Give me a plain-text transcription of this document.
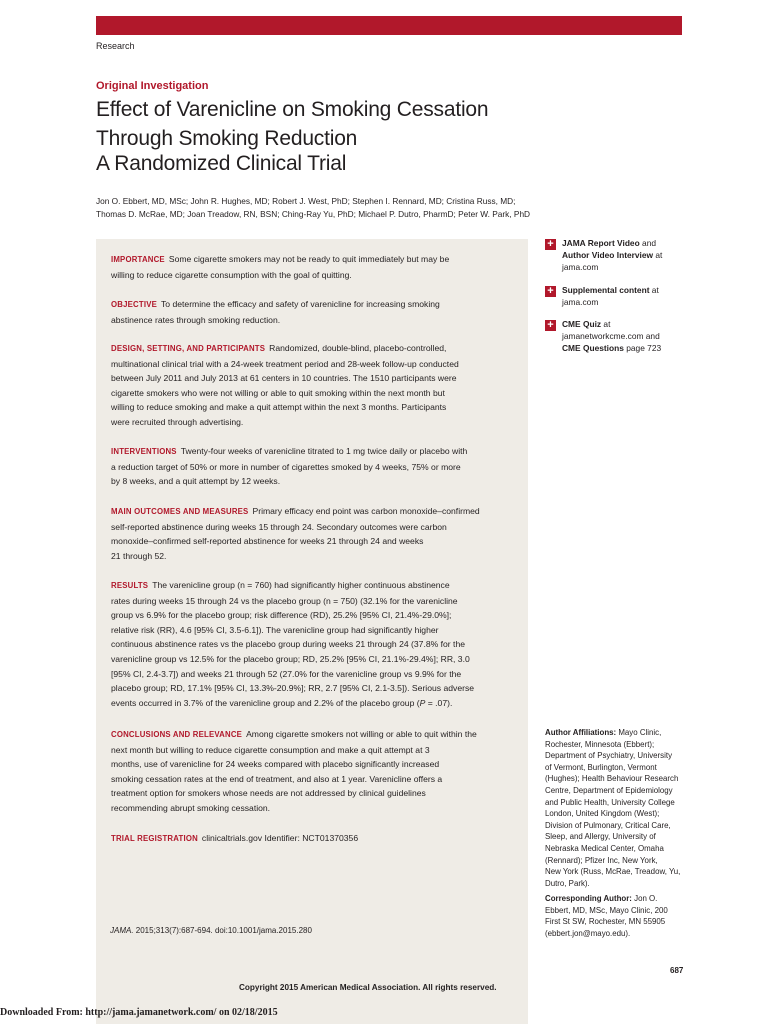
Research
Original Investigation
Effect of Varenicline on Smoking Cessation
Through Smoking Reduction
A Randomized Clinical Trial
Jon O. Ebbert, MD, MSc; John R. Hughes, MD; Robert J. West, PhD; Stephen I. Rennard, MD; Cristina Russ, MD;
Thomas D. McRae, MD; Joan Treadow, RN, BSN; Ching-Ray Yu, PhD; Michael P. Dutro, PharmD; Peter W. Park, PhD
IMPORTANCE Some cigarette smokers may not be ready to quit immediately but may be
willing to reduce cigarette consumption with the goal of quitting.
OBJECTIVE To determine the efficacy and safety of varenicline for increasing smoking
abstinence rates through smoking reduction.
DESIGN, SETTING, AND PARTICIPANTS Randomized, double-blind, placebo-controlled,
multinational clinical trial with a 24-week treatment period and 28-week follow-up conducted
between July 2011 and July 2013 at 61 centers in 10 countries. The 1510 participants were
cigarette smokers who were not willing or able to quit smoking within the next month but
willing to reduce smoking and make a quit attempt within the next 3 months. Participants
were recruited through advertising.
INTERVENTIONS Twenty-four weeks of varenicline titrated to 1 mg twice daily or placebo with
a reduction target of 50% or more in number of cigarettes smoked by 4 weeks, 75% or more
by 8 weeks, and a quit attempt by 12 weeks.
MAIN OUTCOMES AND MEASURES Primary efficacy end point was carbon monoxide–confirmed
self-reported abstinence during weeks 15 through 24. Secondary outcomes were carbon
monoxide–confirmed self-reported abstinence for weeks 21 through 24 and weeks
21 through 52.
RESULTS The varenicline group (n = 760) had significantly higher continuous abstinence
rates during weeks 15 through 24 vs the placebo group (n = 750) (32.1% for the varenicline
group vs 6.9% for the placebo group; risk difference (RD), 25.2% [95% CI, 21.4%-29.0%];
relative risk (RR), 4.6 [95% CI, 3.5-6.1]). The varenicline group had significantly higher
continuous abstinence rates vs the placebo group during weeks 21 through 24 (37.8% for the
varenicline group vs 12.5% for the placebo group; RD, 25.2% [95% CI, 21.1%-29.4%]; RR, 3.0
[95% CI, 2.4-3.7]) and weeks 21 through 52 (27.0% for the varenicline group vs 9.9% for the
placebo group; RD, 17.1% [95% CI, 13.3%-20.9%]; RR, 2.7 [95% CI, 2.1-3.5]). Serious adverse
events occurred in 3.7% of the varenicline group and 2.2% of the placebo group (P = .07).
CONCLUSIONS AND RELEVANCE Among cigarette smokers not willing or able to quit within the
next month but willing to reduce cigarette consumption and make a quit attempt at 3
months, use of varenicline for 24 weeks compared with placebo significantly increased
smoking cessation rates at the end of treatment, and also at 1 year. Varenicline offers a
treatment option for smokers whose needs are not addressed by clinical guidelines
recommending abrupt smoking cessation.
TRIAL REGISTRATION clinicaltrials.gov Identifier: NCT01370356
JAMA. 2015;313(7):687-694. doi:10.1001/jama.2015.280
+ JAMA Report Video and
Author Video Interview at
jama.com
+ Supplemental content at
jama.com
+ CME Quiz at
jamanetworkcme.com and
CME Questions page 723
Author Affiliations: Mayo Clinic,
Rochester, Minnesota (Ebbert);
Department of Psychiatry, University
of Vermont, Burlington, Vermont
(Hughes); Health Behaviour Research
Centre, Department of Epidemiology
and Public Health, University College
London, United Kingdom (West);
Division of Pulmonary, Critical Care,
Sleep, and Allergy, University of
Nebraska Medical Center, Omaha
(Rennard); Pfizer Inc, New York,
New York (Russ, McRae, Treadow, Yu,
Dutro, Park).
Corresponding Author: Jon O.
Ebbert, MD, MSc, Mayo Clinic, 200
First St SW, Rochester, MN 55905
(ebbert.jon@mayo.edu).
687
Copyright 2015 American Medical Association. All rights reserved.
Downloaded From: http://jama.jamanetwork.com/ on 02/18/2015
